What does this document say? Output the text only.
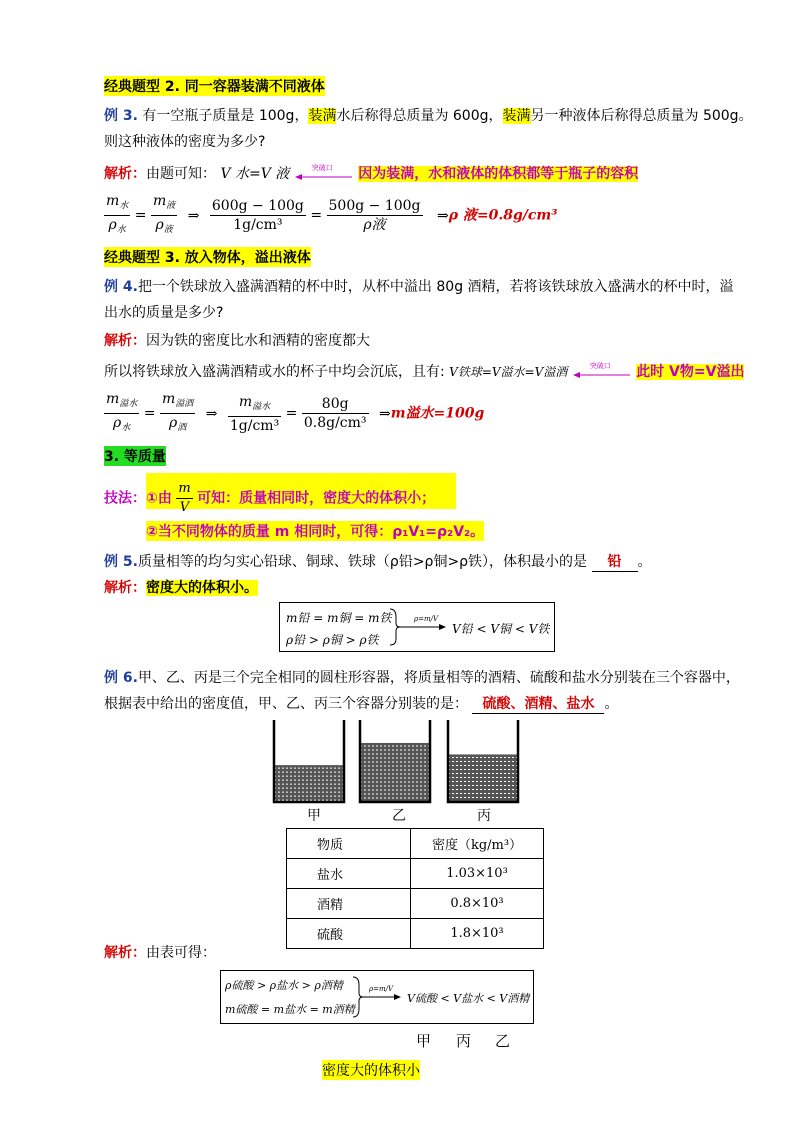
经典题型 2. 同一容器装满不同液体
例 3. 有一空瓶子质量是 100g，装满水后称得总质量为 600g，装满另一种液体后称得总质量为 500g。
则这种液体的密度为多少?
解析：由题可知： V 水=V 液	突破口 因为装满，水和液体的体积都等于瓶子的容积
$\frac{m_水}{\rho_水} = \frac{m_液}{\rho_液}$ ⇒ $\frac{600g - 100g}{\text{1g/cm³}} = \frac{500g - 100g}{\text{ρ液}}$ ⇒ρ 液=0.8g/cm³
经典题型 3. 放入物体，溢出液体
例 4.把一个铁球放入盛满酒精的杯中时，从杯中溢出 80g 酒精，若将该铁球放入盛满水的杯中时，溢
出水的质量是多少?
解析：因为铁的密度比水和酒精的密度都大
所以将铁球放入盛满酒精或水的杯子中均会沉底，且有: V铁球=V溢水=V溢酒	突破口 此时 V物=V溢出
$\frac{m_{溢水}}{\rho_水} = \frac{m_{溢酒}}{\rho_酒}$ ⇒ $\frac{m_{溢水}}{\text{1g/cm³}} = \frac{80g}{\text{0.8g/cm³}}$ ⇒m溢水=100g
3. 等质量
技法：①由 $\frac{m}{V}$ 可知：质量相同时，密度大的体积小；
②当不同物体的质量 m 相同时，可得：ρ₁V₁=ρ₂V₂。
例 5.质量相等的均匀实心铅球、铜球、铁球（ρ铅>ρ铜>ρ铁），体积最小的是 铅 。
解析：密度大的体积小。
m铅 = m铜 = m铁
ρ铅 > ρ铜 > ρ铁
ρ=m/V
V铅 < V铜 < V铁
例 6.甲、乙、丙是三个完全相同的圆柱形容器，将质量相等的酒精、硫酸和盐水分别装在三个容器中，
根据表中给出的密度值，甲、乙、丙三个容器分别装的是： 硫酸、酒精、盐水 。
甲	乙	丙
物质	密度（kg/m³）
盐水	1.03×10³
酒精	0.8×10³
硫酸	1.8×10³
解析：由表可得：
ρ硫酸 > ρ盐水 > ρ酒精
m硫酸 = m盐水 = m酒精
ρ=m/V
V硫酸 < V盐水 < V酒精
甲 丙 乙
密度大的体积小
